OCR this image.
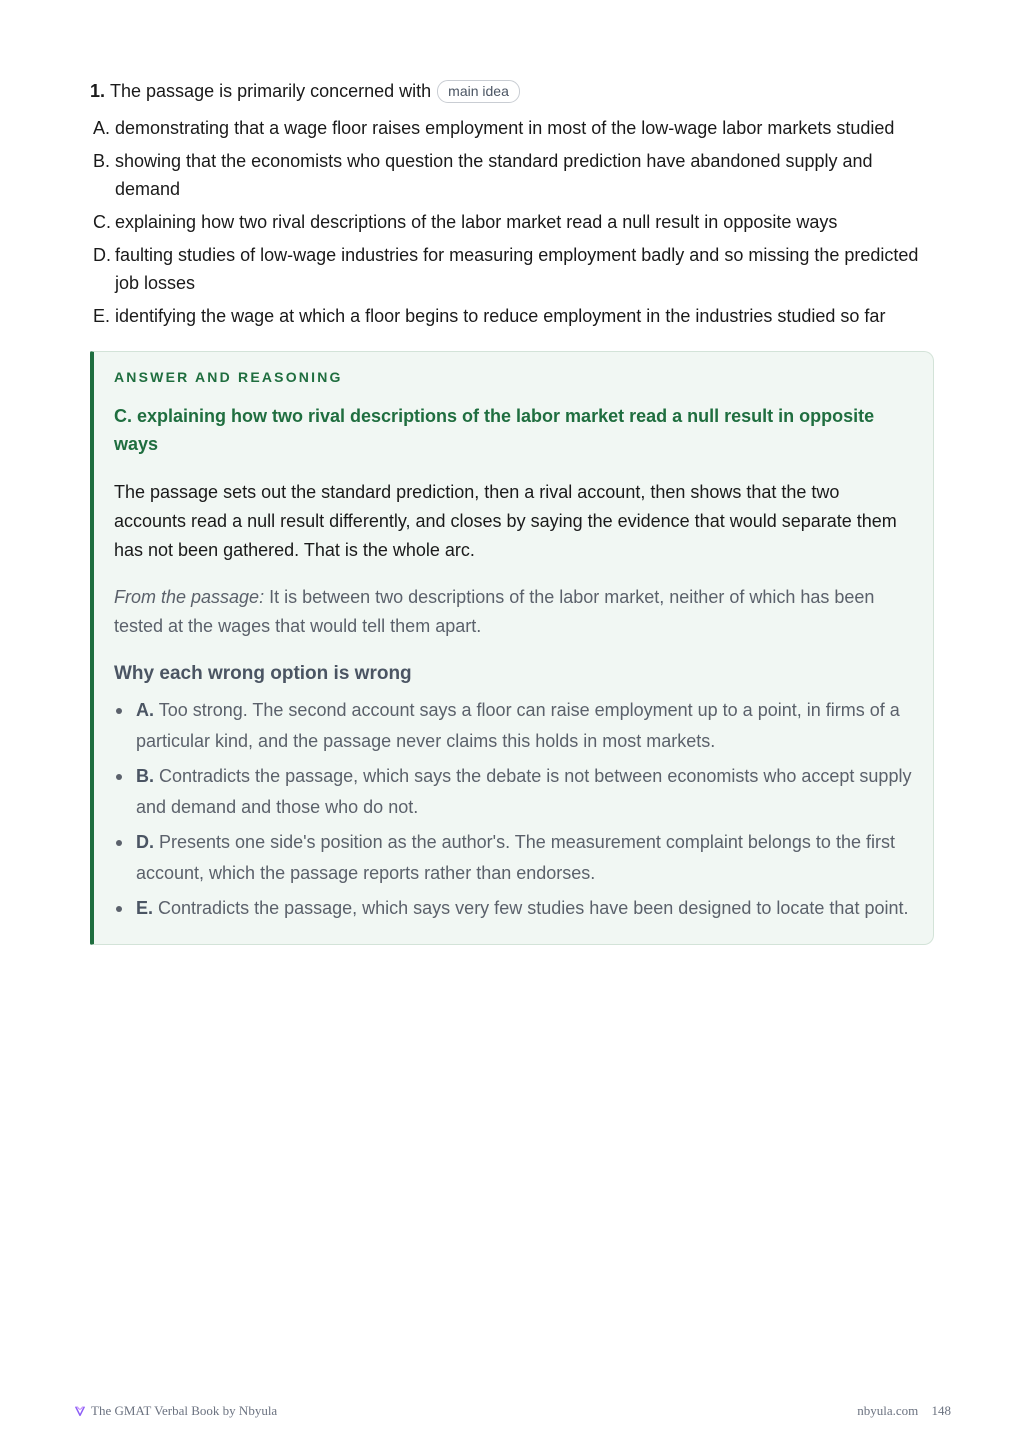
1. The passage is primarily concerned with	main idea
A. demonstrating that a wage floor raises employment in most of the low-wage labor markets studied
B. showing that the economists who question the standard prediction have abandoned supply and demand
C. explaining how two rival descriptions of the labor market read a null result in opposite ways
D. faulting studies of low-wage industries for measuring employment badly and so missing the predicted job losses
E. identifying the wage at which a floor begins to reduce employment in the industries studied so far
ANSWER AND REASONING
C. explaining how two rival descriptions of the labor market read a null result in opposite ways
The passage sets out the standard prediction, then a rival account, then shows that the two accounts read a null result differently, and closes by saying the evidence that would separate them has not been gathered. That is the whole arc.
From the passage: It is between two descriptions of the labor market, neither of which has been tested at the wages that would tell them apart.
Why each wrong option is wrong
A. Too strong. The second account says a floor can raise employment up to a point, in firms of a particular kind, and the passage never claims this holds in most markets.
B. Contradicts the passage, which says the debate is not between economists who accept supply and demand and those who do not.
D. Presents one side's position as the author's. The measurement complaint belongs to the first account, which the passage reports rather than endorses.
E. Contradicts the passage, which says very few studies have been designed to locate that point.
The GMAT Verbal Book by Nbyula	nbyula.com 148
